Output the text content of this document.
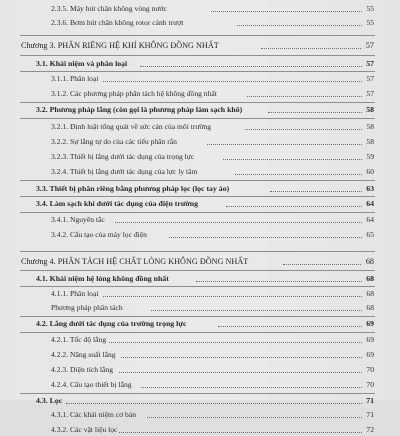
2.3.5. Máy hút chân không vòng nước	55
2.3.6. Bơm hút chân không rotor cánh trượt	55
Chương 3. PHÂN RIÊNG HỆ KHÍ KHÔNG ĐỒNG NHẤT	57
3.1. Khái niệm và phân loại	57
3.1.1. Phân loại	57
3.1.2. Các phương pháp phân tách hệ không đồng nhất	57
3.2. Phương pháp lắng (còn gọi là phương pháp làm sạch khô)	58
3.2.1. Định luật tổng quát về sức cản của môi trường	58
3.2.2. Sự lắng tự do của các tiểu phân rắn	58
3.2.3. Thiết bị lắng dưới tác dụng của trọng lực	59
3.2.4. Thiết bị lắng dưới tác dụng của lực ly tâm	60
3.3. Thiết bị phân riêng bằng phương pháp lọc (lọc tay áo)	63
3.4. Làm sạch khí dưới tác dụng của điện trường	64
3.4.1. Nguyên tắc	64
3.4.2. Cấu tạo của máy lọc điện	65
Chương 4. PHÂN TÁCH HỆ CHẤT LỎNG KHÔNG ĐỒNG NHẤT	68
4.1. Khái niệm hệ lỏng không đồng nhất	68
4.1.1. Phân loại	68
Phương pháp phân tách	68
4.2. Lắng dưới tác dụng của trường trọng lực	69
4.2.1. Tốc độ lắng	69
4.2.2. Năng suất lắng	69
4.2.3. Diện tích lắng	70
4.2.4. Cấu tạo thiết bị lắng	70
4.3. Lọc	71
4.3.1. Các khái niệm cơ bản	71
4.3.2. Các vật liệu lọc	72
